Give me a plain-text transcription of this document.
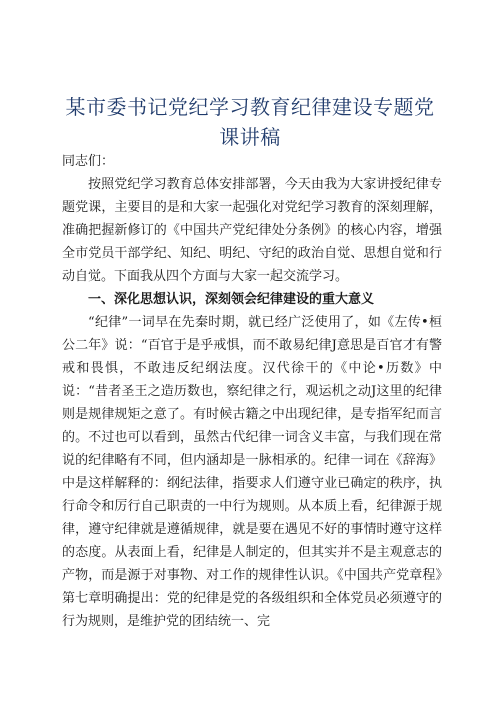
某市委书记党纪学习教育纪律建设专题党课讲稿

同志们：

按照党纪学习教育总体安排部署，今天由我为大家讲授纪律专题党课，主要目的是和大家一起强化对党纪学习教育的深刻理解，准确把握新修订的《中国共产党纪律处分条例》的核心内容，增强全市党员干部学纪、知纪、明纪、守纪的政治自觉、思想自觉和行动自觉。下面我从四个方面与大家一起交流学习。

一、深化思想认识，深刻领会纪律建设的重大意义

“纪律”一词早在先秦时期，就已经广泛使用了，如《左传•桓公二年》说：“百官于是乎戒惧，而不敢易纪律J意思是百官才有警戒和畏惧，不敢违反纪纲法度。汉代徐干的《中论•历数》中说：“昔者圣王之造历数也，察纪律之行，观运机之动J这里的纪律则是规律规矩之意了。有时候古籍之中出现纪律，是专指军纪而言的。不过也可以看到，虽然古代纪律一词含义丰富，与我们现在常说的纪律略有不同，但内涵却是一脉相承的。纪律一词在《辞海》中是这样解释的：纲纪法律，指要求人们遵守业已确定的秩序，执行命令和厉行自己职责的一中行为规则。从本质上看，纪律源于规律，遵守纪律就是遵循规律，就是要在遇见不好的事情时遵守这样的态度。从表面上看，纪律是人制定的，但其实并不是主观意志的产物，而是源于对事物、对工作的规律性认识。《中国共产党章程》第七章明确提出：党的纪律是党的各级组织和全体党员必须遵守的行为规则，是维护党的团结统一、完
